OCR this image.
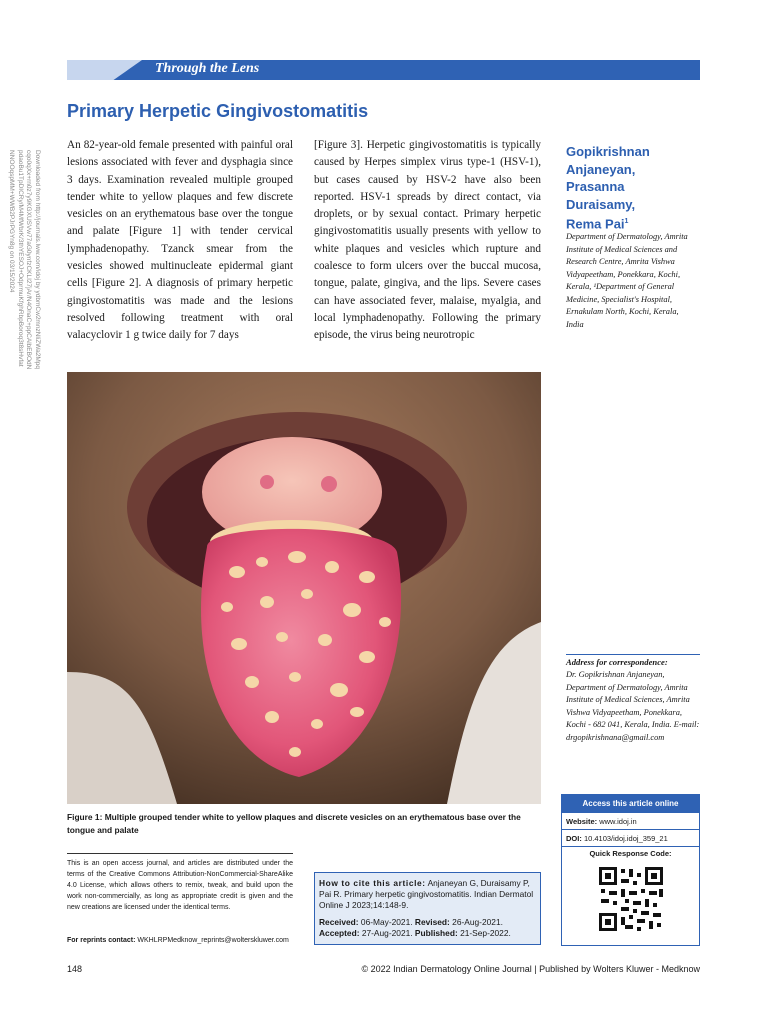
Through the Lens
Primary Herpetic Gingivostomatitis
Downloaded from http://journals.lww.com/idoj by ydbmCw2mnzNliZWa2Mpqcqo0qXx+rn0z7y9KGXUSVw77aG0ynfzCKLI27jAr/N4OnaC+ppCAlbEBOdNpdaoBu1TpDICRy/M4MfWbrK/3thYESOJ+OdprmuKfghRbpBoroq3t8sHvfatNNOOqspMM+WWB2PJrPGYn8g on 03/15/2024

An 82-year-old female presented with painful oral lesions associated with fever and dysphagia since 3 days. Examination revealed multiple grouped tender white to yellow plaques and few discrete vesicles on an erythematous base over the tongue and palate [Figure 1] with tender cervical lymphadenopathy. Tzanck smear from the vesicles showed multinucleate epidermal giant cells [Figure 2]. A diagnosis of primary herpetic gingivostomatitis was made and the lesions resolved following treatment with oral valacyclovir 1 g twice daily for 7 days

[Figure 3]. Herpetic gingivostomatitis is typically caused by Herpes simplex virus type-1 (HSV-1), but cases caused by HSV-2 have also been reported. HSV-1 spreads by direct contact, via droplets, or by sexual contact. Primary herpetic gingivostomatitis usually presents with yellow to white plaques and vesicles which rupture and coalesce to form ulcers over the buccal mucosa, tongue, palate, gingiva, and the lips. Severe cases can have associated fever, malaise, myalgia, and local lymphadenopathy. Following the primary episode, the virus being neurotropic

Gopikrishnan
Anjaneyan,
Prasanna
Duraisamy,
Rema Pai$^1$

Department of Dermatology, Amrita Institute of Medical Sciences and Research Centre, Amrita Vishwa Vidyapeetham, Ponekkara, Kochi, Kerala, ¹Department of General Medicine, Specialist's Hospital, Ernakulam North, Kochi, Kerala, India

Figure 1: Multiple grouped tender white to yellow plaques and discrete vesicles on an erythematous base over the tongue and palate

Address for correspondence:

Dr. Gopikrishnan Anjaneyan, Department of Dermatology, Amrita Institute of Medical Sciences, Amrita Vishwa Vidyapeetham, Ponekkara, Kochi - 682 041, Kerala, India. E-mail: drgopikrishnana@gmail.com

Access this article online
Website: www.idoj.in
DOI: 10.4103/idoj.idoj_359_21
Quick Response Code:

This is an open access journal, and articles are distributed under the terms of the Creative Commons Attribution-NonCommercial-ShareAlike 4.0 License, which allows others to remix, tweak, and build upon the work non-commercially, as long as appropriate credit is given and the new creations are licensed under the identical terms.

For reprints contact: WKHLRPMedknow_reprints@wolterskluwer.com
How to cite this article: Anjaneyan G, Duraisamy P, Pai R. Primary herpetic gingivostomatitis. Indian Dermatol Online J 2023;14:148-9.
Received: 06-May-2021. Revised: 26-Aug-2021.
Accepted: 27-Aug-2021. Published: 21-Sep-2022.
148	© 2022 Indian Dermatology Online Journal | Published by Wolters Kluwer - Medknow
